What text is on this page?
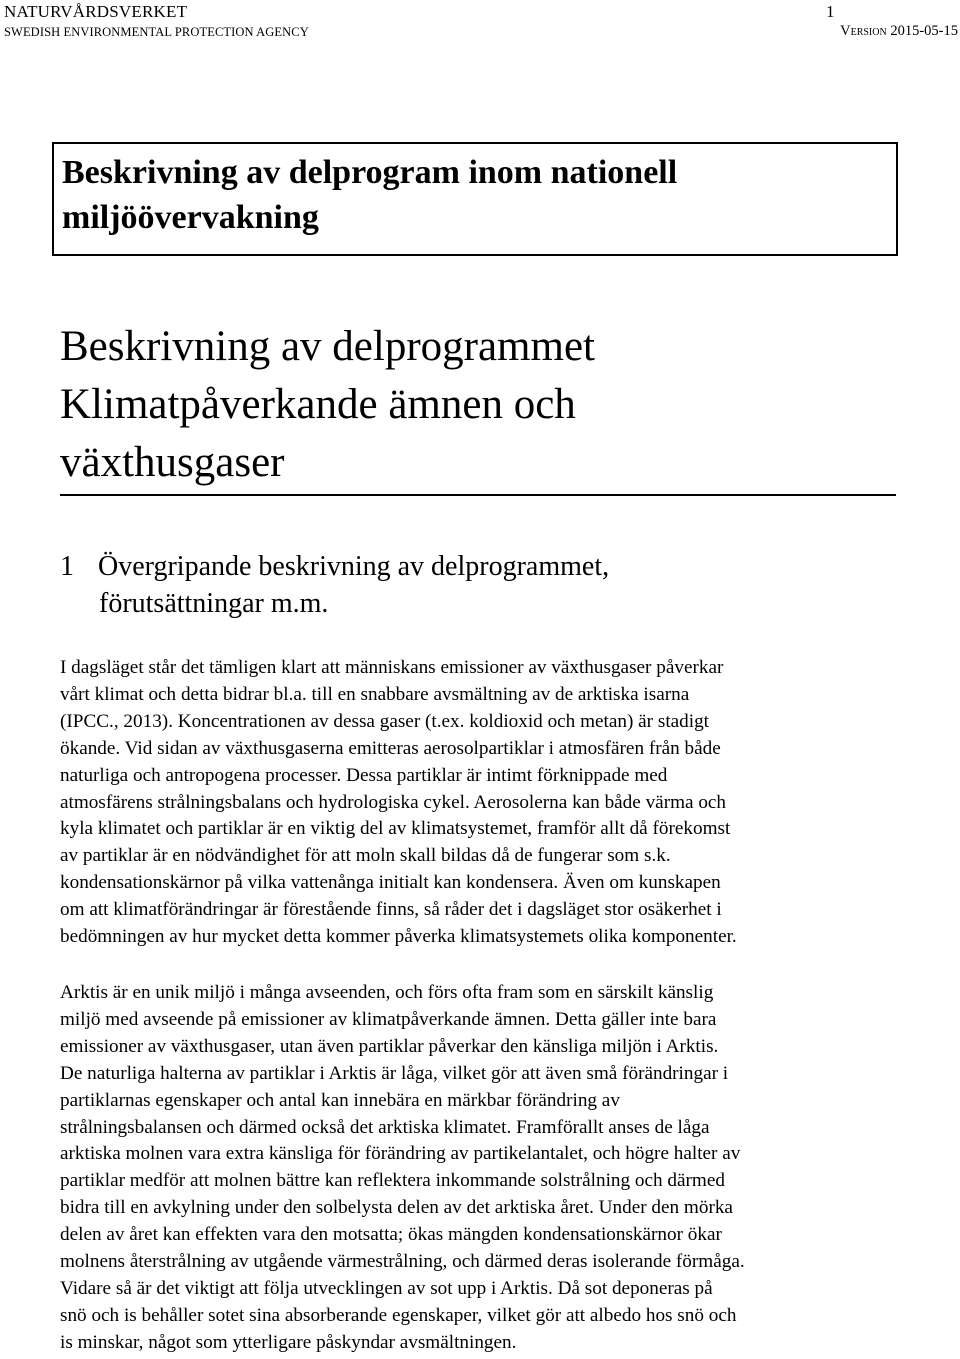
NATURVÅRDSVERKET
SWEDISH ENVIRONMENTAL PROTECTION AGENCY
1
Version 2015-05-15
Beskrivning av delprogram inom nationell
miljöövervakning
Beskrivning av delprogrammet
Klimatpåverkande ämnen och
växthusgaser
1 Övergripande beskrivning av delprogrammet,
förutsättningar m.m.
I dagsläget står det tämligen klart att människans emissioner av växthusgaser påverkar
vårt klimat och detta bidrar bl.a. till en snabbare avsmältning av de arktiska isarna
(IPCC., 2013). Koncentrationen av dessa gaser (t.ex. koldioxid och metan) är stadigt
ökande. Vid sidan av växthusgaserna emitteras aerosolpartiklar i atmosfären från både
naturliga och antropogena processer. Dessa partiklar är intimt förknippade med
atmosfärens strålningsbalans och hydrologiska cykel. Aerosolerna kan både värma och
kyla klimatet och partiklar är en viktig del av klimatsystemet, framför allt då förekomst
av partiklar är en nödvändighet för att moln skall bildas då de fungerar som s.k.
kondensationskärnor på vilka vattenånga initialt kan kondensera. Även om kunskapen
om att klimatförändringar är förestående finns, så råder det i dagsläget stor osäkerhet i
bedömningen av hur mycket detta kommer påverka klimatsystemets olika komponenter.
Arktis är en unik miljö i många avseenden, och förs ofta fram som en särskilt känslig
miljö med avseende på emissioner av klimatpåverkande ämnen. Detta gäller inte bara
emissioner av växthusgaser, utan även partiklar påverkar den känsliga miljön i Arktis.
De naturliga halterna av partiklar i Arktis är låga, vilket gör att även små förändringar i
partiklarnas egenskaper och antal kan innebära en märkbar förändring av
strålningsbalansen och därmed också det arktiska klimatet. Framförallt anses de låga
arktiska molnen vara extra känsliga för förändring av partikelantalet, och högre halter av
partiklar medför att molnen bättre kan reflektera inkommande solstrålning och därmed
bidra till en avkylning under den solbelysta delen av det arktiska året. Under den mörka
delen av året kan effekten vara den motsatta; ökas mängden kondensationskärnor ökar
molnens återstrålning av utgående värmestrålning, och därmed deras isolerande förmåga.
Vidare så är det viktigt att följa utvecklingen av sot upp i Arktis. Då sot deponeras på
snö och is behåller sotet sina absorberande egenskaper, vilket gör att albedo hos snö och
is minskar, något som ytterligare påskyndar avsmältningen.
